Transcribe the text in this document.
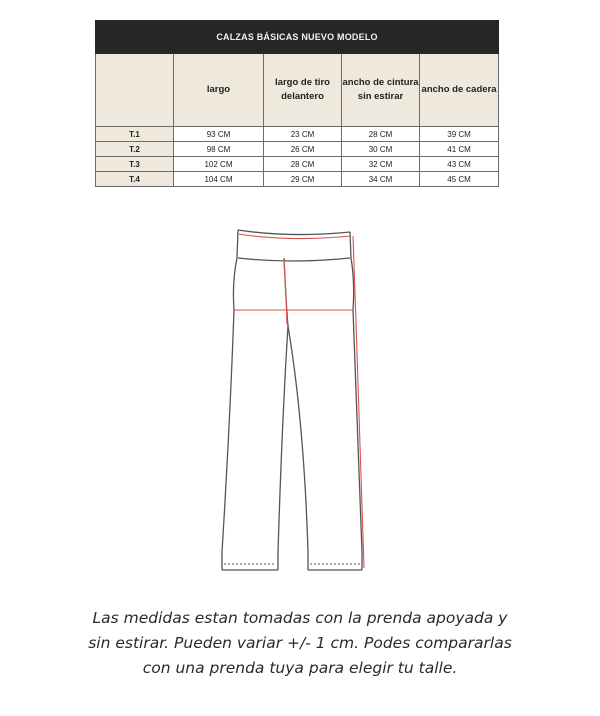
CALZAS BÁSICAS NUEVO MODELO				
	largo	largo de tiro delantero	ancho de cintura sin estirar	ancho de cadera
T.1	93 CM	23 CM	28 CM	39 CM
T.2	98 CM	26 CM	30 CM	41 CM
T.3	102 CM	28 CM	32 CM	43 CM
T.4	104 CM	29 CM	34 CM	45 CM

Las medidas estan tomadas con la prenda apoyada y
sin estirar. Pueden variar +/- 1 cm. Podes compararlas
con una prenda tuya para elegir tu talle.
